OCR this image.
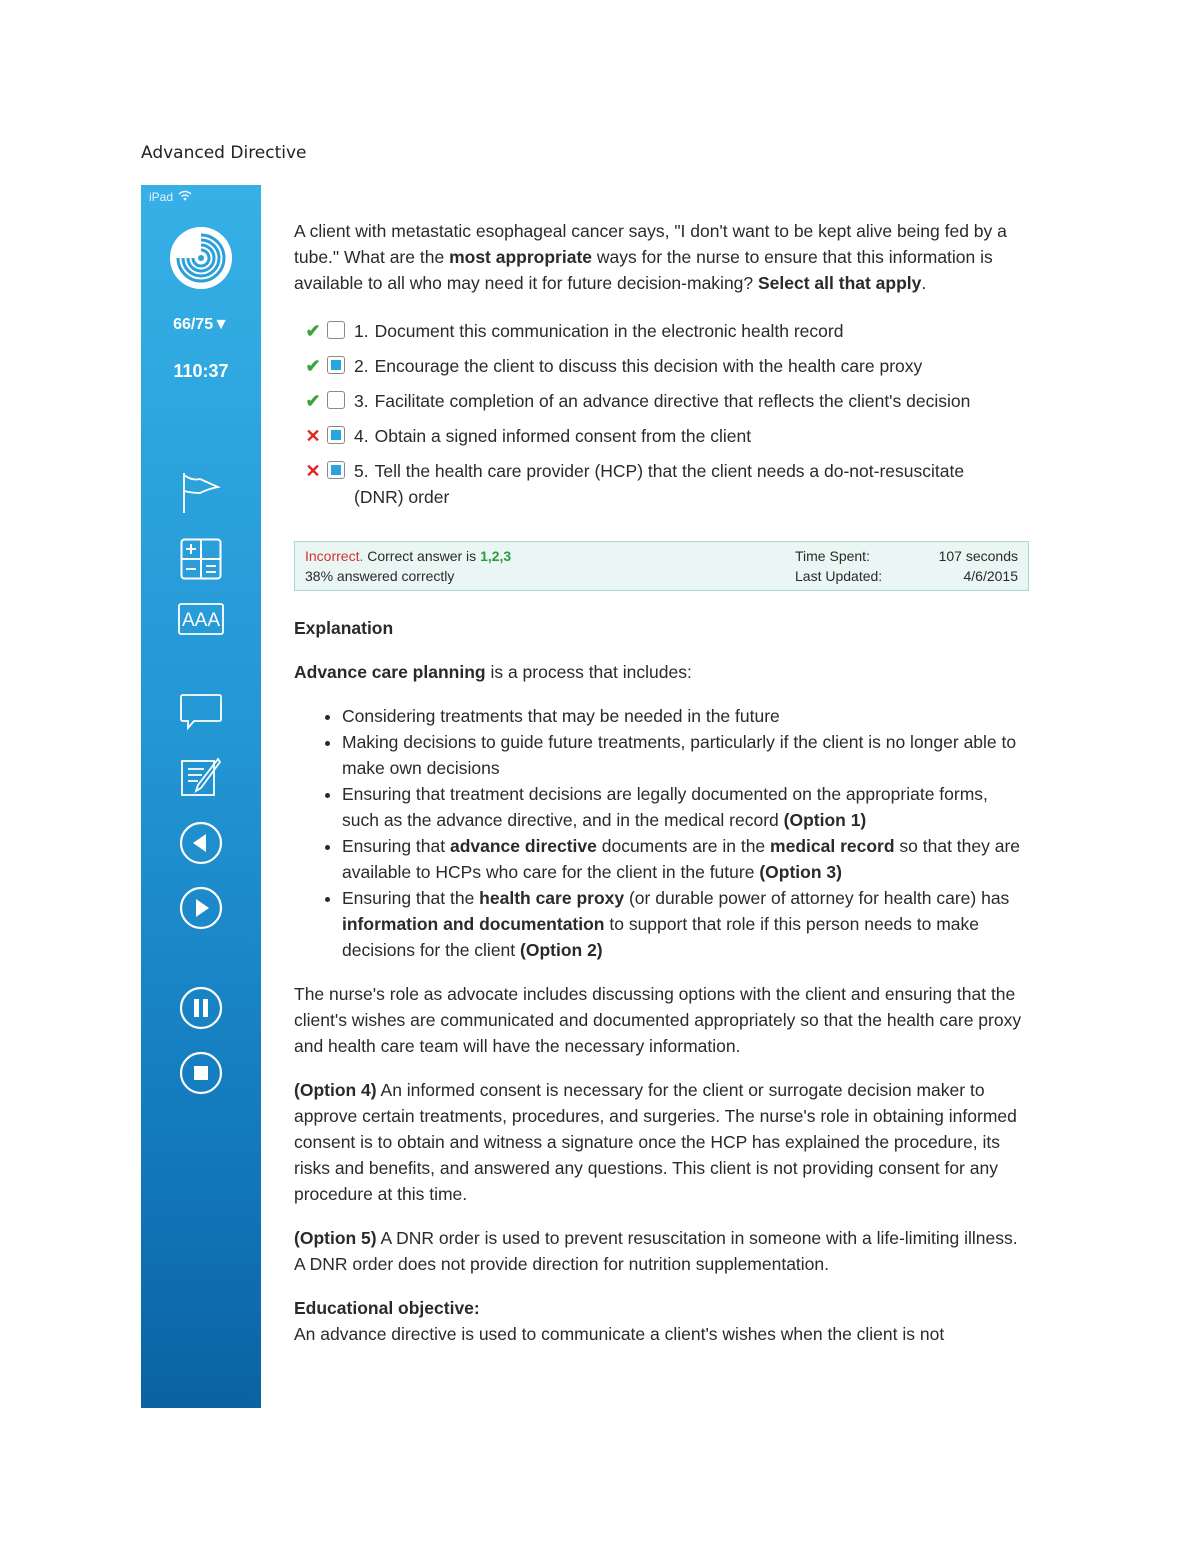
Advanced Directive
iPad
66/75▼
110:37
AAA

A client with metastatic esophageal cancer says, "I don't want to be kept alive being fed by a tube." What are the most appropriate ways for the nurse to ensure that this information is available to all who may need it for future decision-making? Select all that apply.

✔ 1. Document this communication in the electronic health record
✔ 2. Encourage the client to discuss this decision with the health care proxy
✔ 3. Facilitate completion of an advance directive that reflects the client's decision
✕ 4. Obtain a signed informed consent from the client
✕ 5. Tell the health care provider (HCP) that the client needs a do-not-resuscitate (DNR) order
Incorrect. Correct answer is 1,2,3
38% answered correctly
Time Spent:
Last Updated:
107 seconds
4/6/2015
Explanation
Advance care planning is a process that includes:
• Considering treatments that may be needed in the future
• Making decisions to guide future treatments, particularly if the client is no longer able to make own decisions
• Ensuring that treatment decisions are legally documented on the appropriate forms, such as the advance directive, and in the medical record (Option 1)
• Ensuring that advance directive documents are in the medical record so that they are available to HCPs who care for the client in the future (Option 3)
• Ensuring that the health care proxy (or durable power of attorney for health care) has information and documentation to support that role if this person needs to make decisions for the client (Option 2)
The nurse's role as advocate includes discussing options with the client and ensuring that the client's wishes are communicated and documented appropriately so that the health care proxy and health care team will have the necessary information.
(Option 4) An informed consent is necessary for the client or surrogate decision maker to approve certain treatments, procedures, and surgeries. The nurse's role in obtaining informed consent is to obtain and witness a signature once the HCP has explained the procedure, its risks and benefits, and answered any questions. This client is not providing consent for any procedure at this time.
(Option 5) A DNR order is used to prevent resuscitation in someone with a life-limiting illness. A DNR order does not provide direction for nutrition supplementation.
Educational objective:
An advance directive is used to communicate a client's wishes when the client is not
